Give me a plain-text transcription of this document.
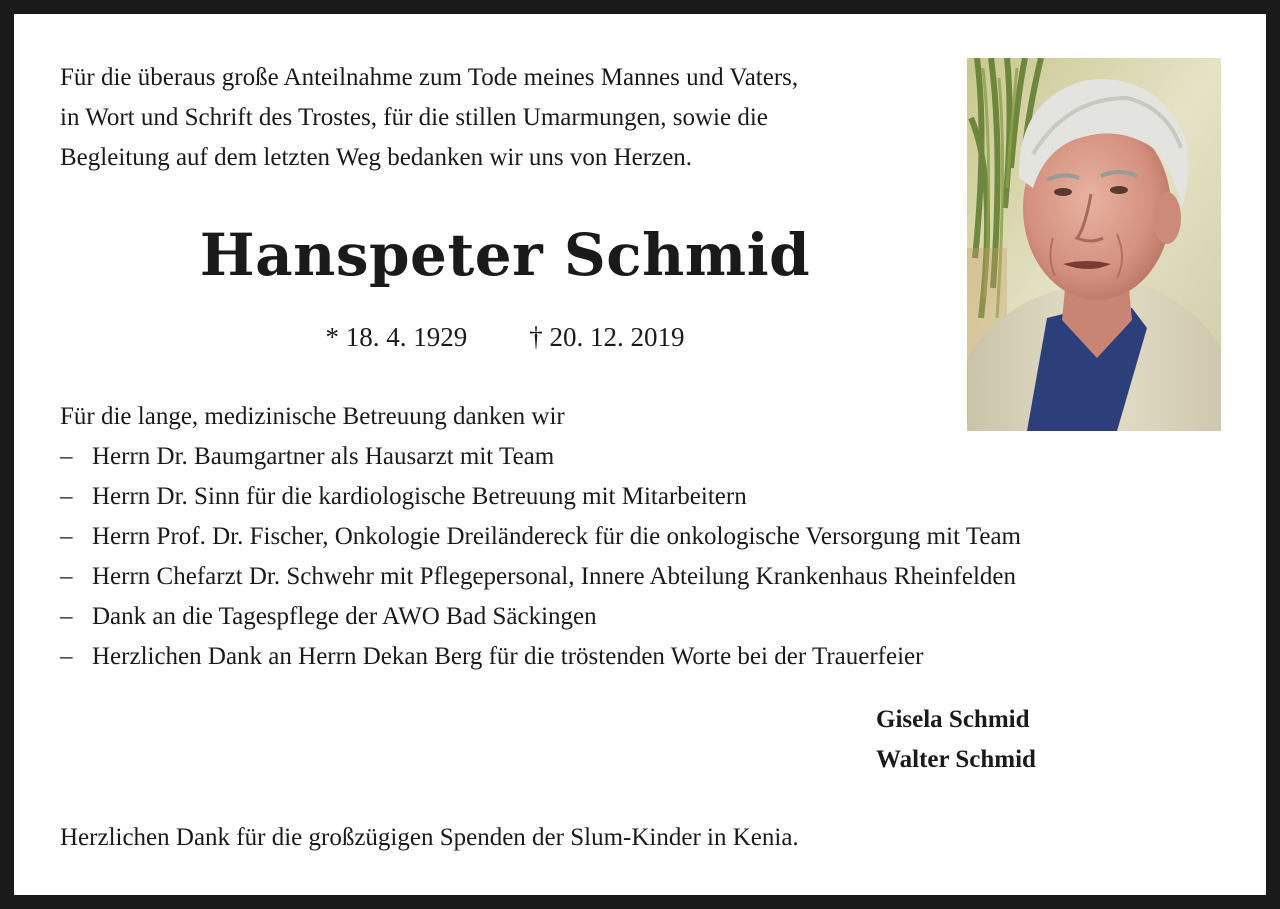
Für die überaus große Anteilnahme zum Tode meines Mannes und Vaters,
in Wort und Schrift des Trostes, für die stillen Umarmungen, sowie die
Begleitung auf dem letzten Weg bedanken wir uns von Herzen.

Hanspeter Schmid

* 18. 4. 1929 † 20. 12. 2019

Für die lange, medizinische Betreuung danken wir
– Herrn Dr. Baumgartner als Hausarzt mit Team
– Herrn Dr. Sinn für die kardiologische Betreuung mit Mitarbeitern
– Herrn Prof. Dr. Fischer, Onkologie Dreiländereck für die onkologische Versorgung mit Team
– Herrn Chefarzt Dr. Schwehr mit Pflegepersonal, Innere Abteilung Krankenhaus Rheinfelden
– Dank an die Tagespflege der AWO Bad Säckingen
– Herzlichen Dank an Herrn Dekan Berg für die tröstenden Worte bei der Trauerfeier
Gisela Schmid
Walter Schmid

Herzlichen Dank für die großzügigen Spenden der Slum-Kinder in Kenia.
